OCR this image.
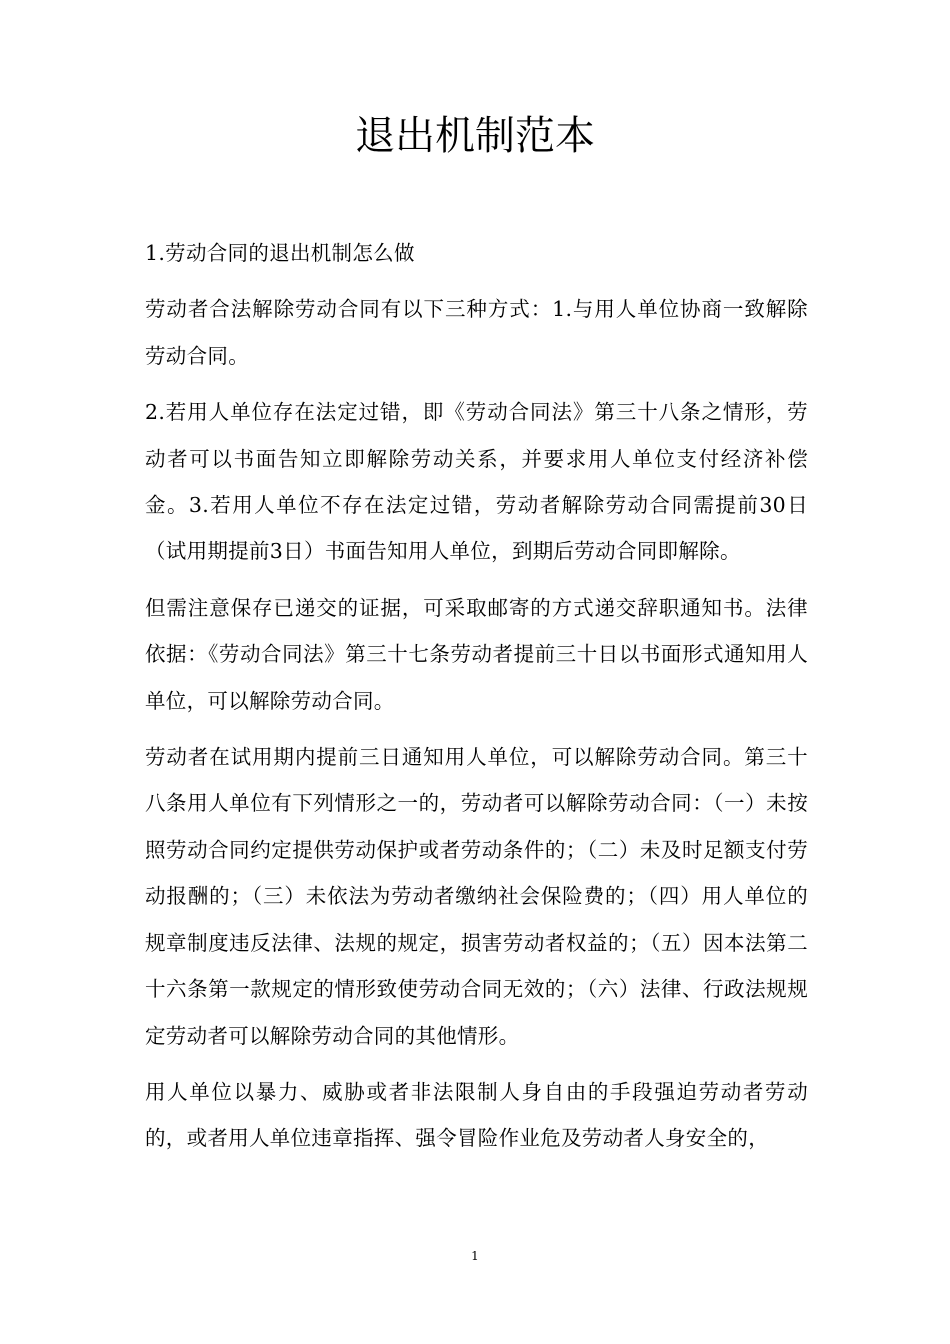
退出机制范本

1.劳动合同的退出机制怎么做

劳动者合法解除劳动合同有以下三种方式：1.与用人单位协商一致解除劳动合同。

2.若用人单位存在法定过错，即《劳动合同法》第三十八条之情形，劳动者可以书面告知立即解除劳动关系，并要求用人单位支付经济补偿金。3.若用人单位不存在法定过错，劳动者解除劳动合同需提前30日（试用期提前3日）书面告知用人单位，到期后劳动合同即解除。

但需注意保存已递交的证据，可采取邮寄的方式递交辞职通知书。法律依据：《劳动合同法》第三十七条劳动者提前三十日以书面形式通知用人单位，可以解除劳动合同。

劳动者在试用期内提前三日通知用人单位，可以解除劳动合同。第三十八条用人单位有下列情形之一的，劳动者可以解除劳动合同：（一）未按照劳动合同约定提供劳动保护或者劳动条件的；（二）未及时足额支付劳动报酬的；（三）未依法为劳动者缴纳社会保险费的；（四）用人单位的规章制度违反法律、法规的规定，损害劳动者权益的；（五）因本法第二十六条第一款规定的情形致使劳动合同无效的；（六）法律、行政法规规定劳动者可以解除劳动合同的其他情形。

用人单位以暴力、威胁或者非法限制人身自由的手段强迫劳动者劳动的，或者用人单位违章指挥、强令冒险作业危及劳动者人身安全的，

1
